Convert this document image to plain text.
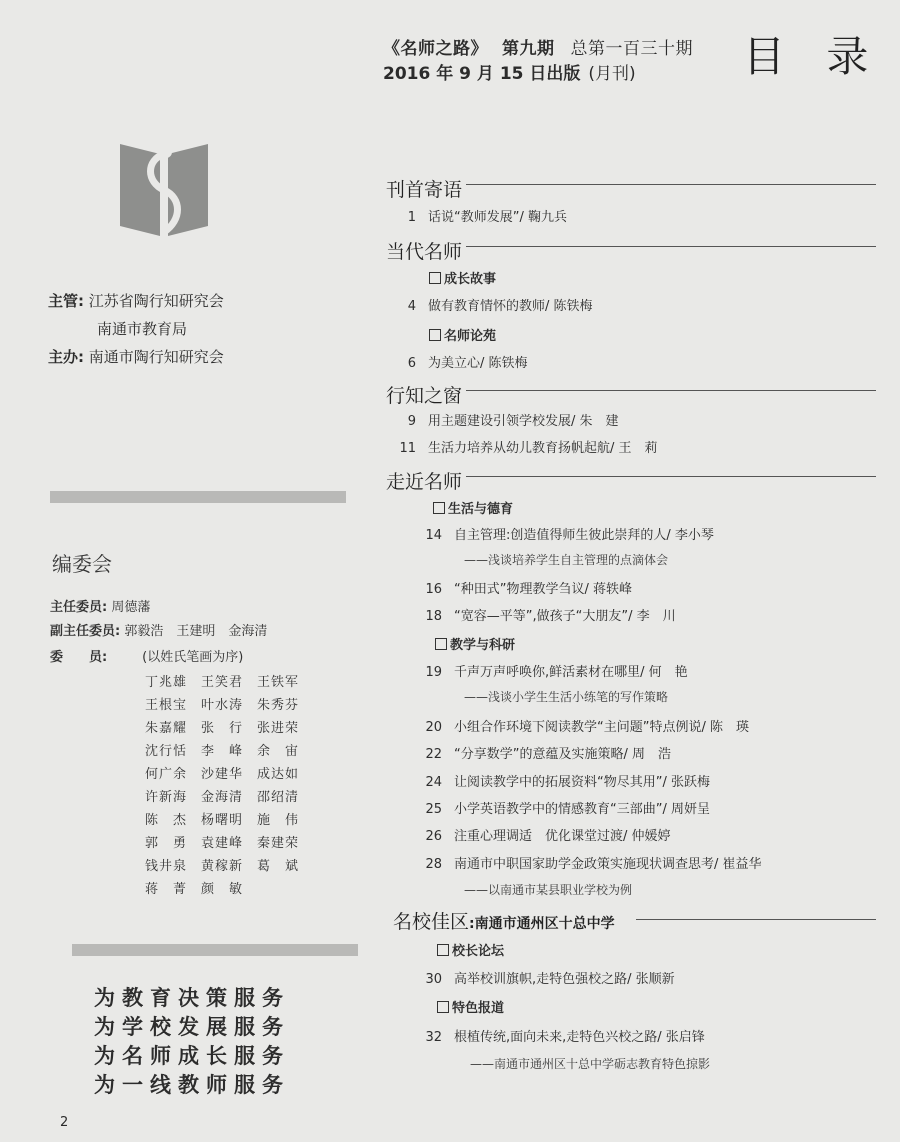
《名师之路》 第九期 总第一百三十期
2016 年 9 月 15 日出版 (月刊)	目 录
主管: 江苏省陶行知研究会
南通市教育局
主办: 南通市陶行知研究会
编委会
主任委员: 周德藩
副主任委员: 郭毅浩　王建明　金海清
委　　员:	(以姓氏笔画为序)
丁兆雄　王笑君　王铁军
王根宝　叶水涛　朱秀芬
朱嘉耀　张　行　张进荣
沈行恬　李　峰　余　宙
何广余　沙建华　成达如
许新海　金海清　邵绍清
陈　杰　杨曙明　施　伟
郭　勇　袁建峰　秦建荣
钱井泉　黄稼新　葛　斌
蒋　菁　颜　敏
为教育决策服务
为学校发展服务
为名师成长服务
为一线教师服务
2
刊首寄语
1 话说“教师发展”/ 鞠九兵
当代名师
成长故事
4 做有教育情怀的教师/ 陈铁梅
名师论苑
6 为美立心/ 陈铁梅
行知之窗
9 用主题建设引领学校发展/ 朱　建
11 生活力培养从幼儿教育扬帆起航/ 王　莉
走近名师
生活与德育
14 自主管理:创造值得师生彼此崇拜的人/ 李小琴
——浅谈培养学生自主管理的点滴体会
16 “种田式”物理教学刍议/ 蒋轶峰
18 “宽容—平等”,做孩子“大朋友”/ 李　川
教学与科研
19 千声万声呼唤你,鲜活素材在哪里/ 何　艳
——浅谈小学生生活小练笔的写作策略
20 小组合作环境下阅读教学“主问题”特点例说/ 陈　瑛
22 “分享数学”的意蕴及实施策略/ 周　浩
24 让阅读教学中的拓展资料“物尽其用”/ 张跃梅
25 小学英语教学中的情感教育“三部曲”/ 周妍呈
26 注重心理调适　优化课堂过渡/ 仲媛婷
28 南通市中职国家助学金政策实施现状调查思考/ 崔益华
——以南通市某县职业学校为例
名校佳区:南通市通州区十总中学
校长论坛
30 高举校训旗帜,走特色强校之路/ 张顺新
特色报道
32 根植传统,面向未来,走特色兴校之路/ 张启锋
——南通市通州区十总中学砺志教育特色掠影
